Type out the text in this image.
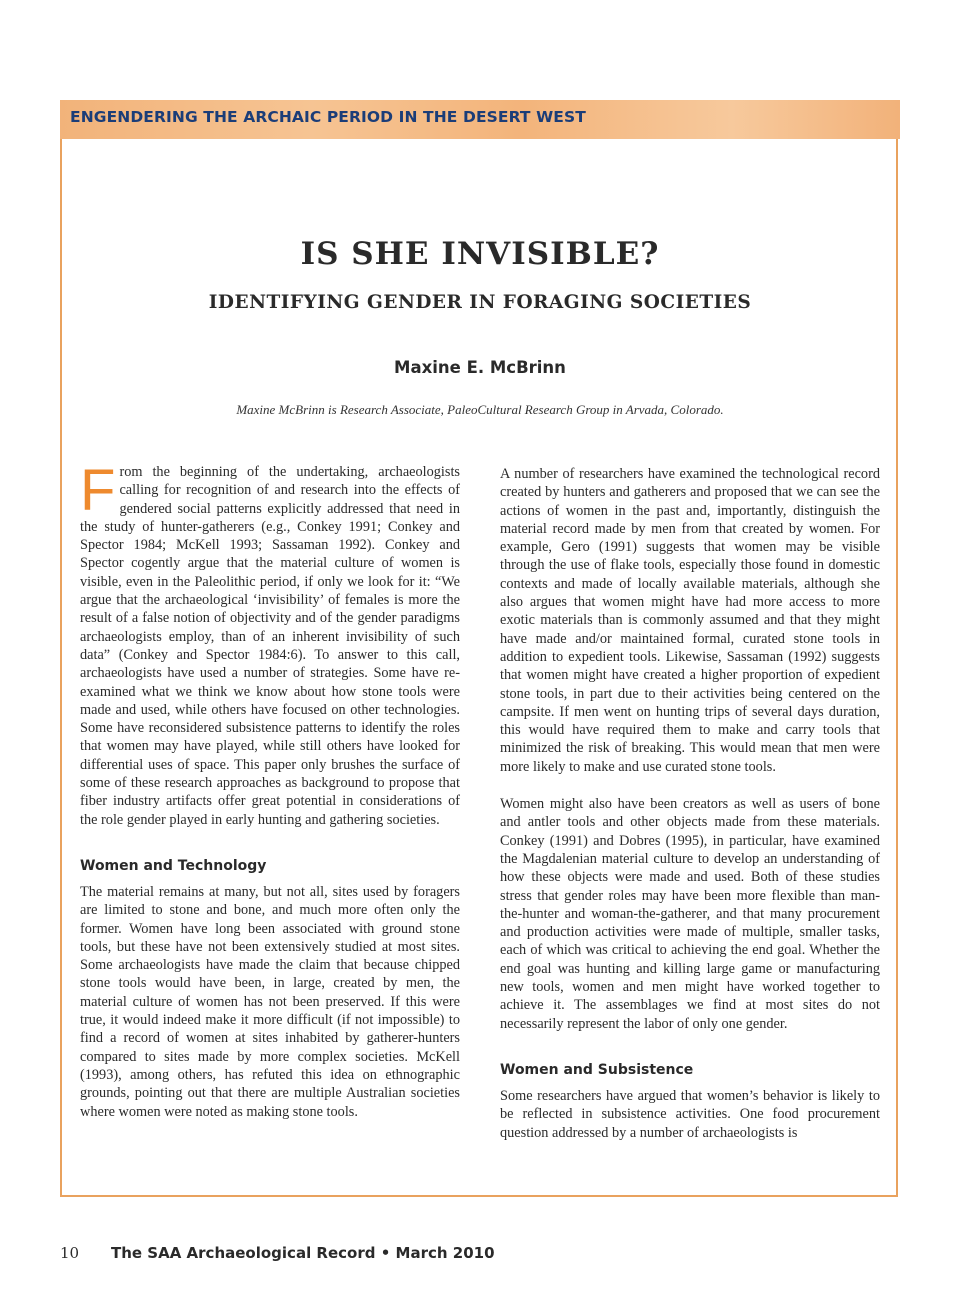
ENGENDERING THE ARCHAIC PERIOD IN THE DESERT WEST
IS SHE INVISIBLE?
IDENTIFYING GENDER IN FORAGING SOCIETIES
Maxine E. McBrinn
Maxine McBrinn is Research Associate, PaleoCultural Research Group in Arvada, Colorado.

From the beginning of the undertaking, archaeologists calling for recognition of and research into the effects of gendered social patterns explicitly addressed that need in the study of hunter-gatherers (e.g., Conkey 1991; Conkey and Spector 1984; McKell 1993; Sassaman 1992). Conkey and Spector cogently argue that the material culture of women is visible, even in the Paleolithic period, if only we look for it: “We argue that the archaeological ‘invisibility’ of females is more the result of a false notion of objectivity and of the gender paradigms archaeologists employ, than of an inherent invisibility of such data” (Conkey and Spector 1984:6). To answer to this call, archaeologists have used a number of strategies. Some have re-examined what we think we know about how stone tools were made and used, while others have focused on other technologies. Some have reconsidered subsistence patterns to identify the roles that women may have played, while still others have looked for differential uses of space. This paper only brushes the surface of some of these research approaches as background to propose that fiber industry artifacts offer great potential in considerations of the role gender played in early hunting and gathering societies.

Women and Technology

The material remains at many, but not all, sites used by foragers are limited to stone and bone, and much more often only the former. Women have long been associated with ground stone tools, but these have not been extensively studied at most sites. Some archaeologists have made the claim that because chipped stone tools would have been, in large, created by men, the material culture of women has not been preserved. If this were true, it would indeed make it more difficult (if not impossible) to find a record of women at sites inhabited by gatherer-hunters compared to sites made by more complex societies. McKell (1993), among others, has refuted this idea on ethnographic grounds, pointing out that there are multiple Australian societies where women were noted as making stone tools.

A number of researchers have examined the technological record created by hunters and gatherers and proposed that we can see the actions of women in the past and, importantly, distinguish the material record made by men from that created by women. For example, Gero (1991) suggests that women may be visible through the use of flake tools, especially those found in domestic contexts and made of locally available materials, although she also argues that women might have had more access to more exotic materials than is commonly assumed and that they might have made and/or maintained formal, curated stone tools in addition to expedient tools. Likewise, Sassaman (1992) suggests that women might have created a higher proportion of expedient stone tools, in part due to their activities being centered on the campsite. If men went on hunting trips of several days duration, this would have required them to make and carry tools that minimized the risk of breaking. This would mean that men were more likely to make and use curated stone tools.

Women might also have been creators as well as users of bone and antler tools and other objects made from these materials. Conkey (1991) and Dobres (1995), in particular, have examined the Magdalenian material culture to develop an understanding of how these objects were made and used. Both of these studies stress that gender roles may have been more flexible than man-the-hunter and woman-the-gatherer, and that many procurement and production activities were made of multiple, smaller tasks, each of which was critical to achieving the end goal. Whether the end goal was hunting and killing large game or manufacturing new tools, women and men might have worked together to achieve it. The assemblages we find at most sites do not necessarily represent the labor of only one gender.

Women and Subsistence

Some researchers have argued that women’s behavior is likely to be reflected in subsistence activities. One food procurement question addressed by a number of archaeologists is

10 The SAA Archaeological Record • March 2010
